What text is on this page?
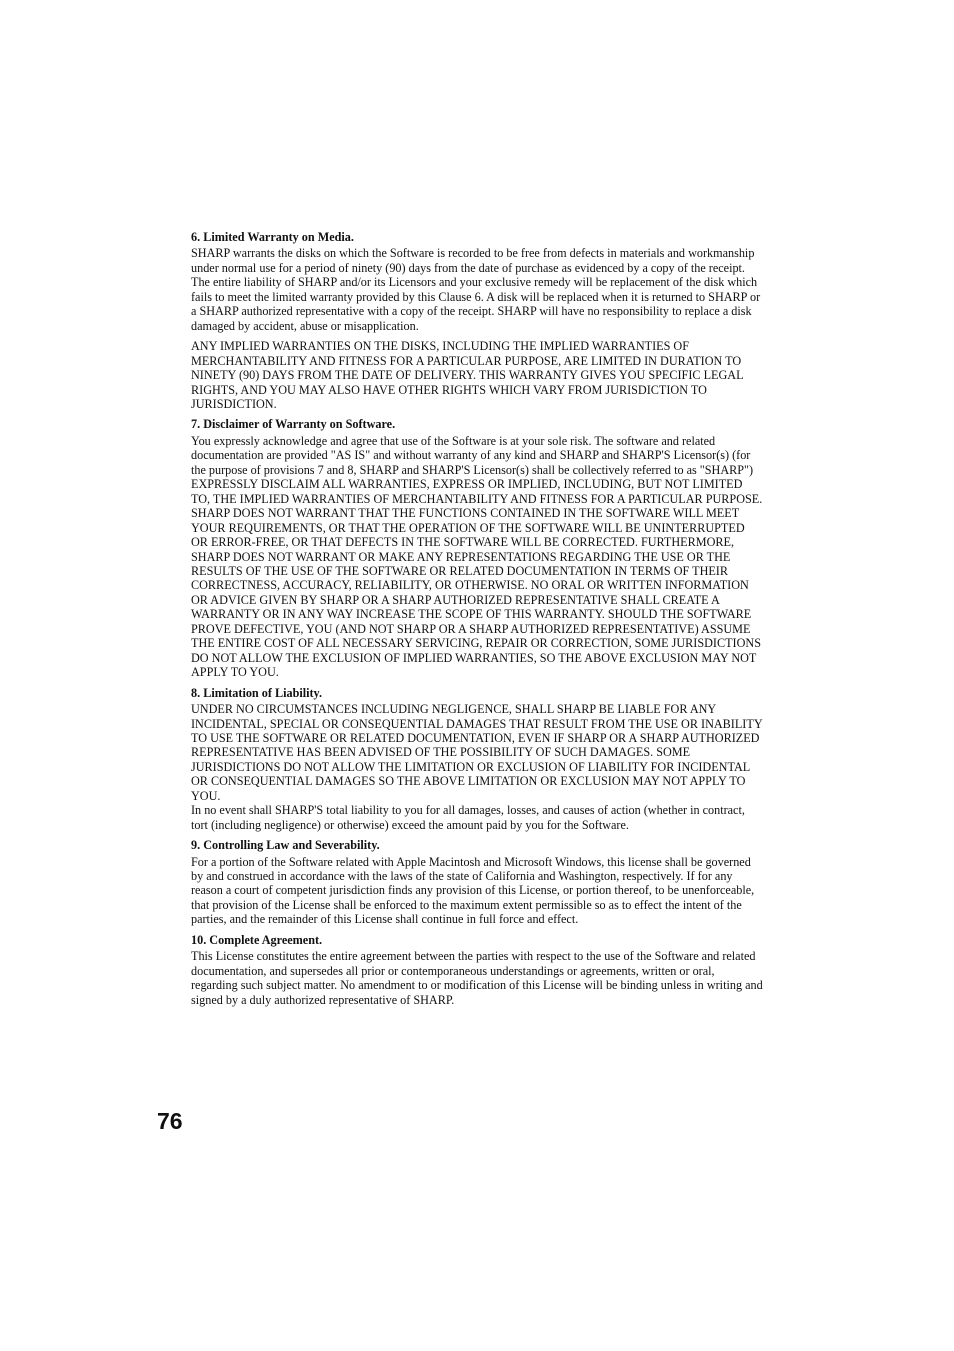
6. Limited Warranty on Media.

SHARP warrants the disks on which the Software is recorded to be free from defects in materials and workmanship under normal use for a period of ninety (90) days from the date of purchase as evidenced by a copy of the receipt. The entire liability of SHARP and/or its Licensors and your exclusive remedy will be replacement of the disk which fails to meet the limited warranty provided by this Clause 6. A disk will be replaced when it is returned to SHARP or a SHARP authorized representative with a copy of the receipt. SHARP will have no responsibility to replace a disk damaged by accident, abuse or misapplication.

ANY IMPLIED WARRANTIES ON THE DISKS, INCLUDING THE IMPLIED WARRANTIES OF MERCHANTABILITY AND FITNESS FOR A PARTICULAR PURPOSE, ARE LIMITED IN DURATION TO NINETY (90) DAYS FROM THE DATE OF DELIVERY. THIS WARRANTY GIVES YOU SPECIFIC LEGAL RIGHTS, AND YOU MAY ALSO HAVE OTHER RIGHTS WHICH VARY FROM JURISDICTION TO JURISDICTION.

7. Disclaimer of Warranty on Software.

You expressly acknowledge and agree that use of the Software is at your sole risk. The software and related documentation are provided "AS IS" and without warranty of any kind and SHARP and SHARP'S Licensor(s) (for the purpose of provisions 7 and 8, SHARP and SHARP'S Licensor(s) shall be collectively referred to as "SHARP") EXPRESSLY DISCLAIM ALL WARRANTIES, EXPRESS OR IMPLIED, INCLUDING, BUT NOT LIMITED TO, THE IMPLIED WARRANTIES OF MERCHANTABILITY AND FITNESS FOR A PARTICULAR PURPOSE. SHARP DOES NOT WARRANT THAT THE FUNCTIONS CONTAINED IN THE SOFTWARE WILL MEET YOUR REQUIREMENTS, OR THAT THE OPERATION OF THE SOFTWARE WILL BE UNINTERRUPTED OR ERROR-FREE, OR THAT DEFECTS IN THE SOFTWARE WILL BE CORRECTED. FURTHERMORE, SHARP DOES NOT WARRANT OR MAKE ANY REPRESENTATIONS REGARDING THE USE OR THE RESULTS OF THE USE OF THE SOFTWARE OR RELATED DOCUMENTATION IN TERMS OF THEIR CORRECTNESS, ACCURACY, RELIABILITY, OR OTHERWISE. NO ORAL OR WRITTEN INFORMATION OR ADVICE GIVEN BY SHARP OR A SHARP AUTHORIZED REPRESENTATIVE SHALL CREATE A WARRANTY OR IN ANY WAY INCREASE THE SCOPE OF THIS WARRANTY. SHOULD THE SOFTWARE PROVE DEFECTIVE, YOU (AND NOT SHARP OR A SHARP AUTHORIZED REPRESENTATIVE) ASSUME THE ENTIRE COST OF ALL NECESSARY SERVICING, REPAIR OR CORRECTION, SOME JURISDICTIONS DO NOT ALLOW THE EXCLUSION OF IMPLIED WARRANTIES, SO THE ABOVE EXCLUSION MAY NOT APPLY TO YOU.

8. Limitation of Liability.

UNDER NO CIRCUMSTANCES INCLUDING NEGLIGENCE, SHALL SHARP BE LIABLE FOR ANY INCIDENTAL, SPECIAL OR CONSEQUENTIAL DAMAGES THAT RESULT FROM THE USE OR INABILITY TO USE THE SOFTWARE OR RELATED DOCUMENTATION, EVEN IF SHARP OR A SHARP AUTHORIZED REPRESENTATIVE HAS BEEN ADVISED OF THE POSSIBILITY OF SUCH DAMAGES. SOME JURISDICTIONS DO NOT ALLOW THE LIMITATION OR EXCLUSION OF LIABILITY FOR INCIDENTAL OR CONSEQUENTIAL DAMAGES SO THE ABOVE LIMITATION OR EXCLUSION MAY NOT APPLY TO YOU.

In no event shall SHARP'S total liability to you for all damages, losses, and causes of action (whether in contract, tort (including negligence) or otherwise) exceed the amount paid by you for the Software.

9. Controlling Law and Severability.

For a portion of the Software related with Apple Macintosh and Microsoft Windows, this license shall be governed by and construed in accordance with the laws of the state of California and Washington, respectively. If for any reason a court of competent jurisdiction finds any provision of this License, or portion thereof, to be unenforceable, that provision of the License shall be enforced to the maximum extent permissible so as to effect the intent of the parties, and the remainder of this License shall continue in full force and effect.

10. Complete Agreement.

This License constitutes the entire agreement between the parties with respect to the use of the Software and related documentation, and supersedes all prior or contemporaneous understandings or agreements, written or oral, regarding such subject matter. No amendment to or modification of this License will be binding unless in writing and signed by a duly authorized representative of SHARP.

76
